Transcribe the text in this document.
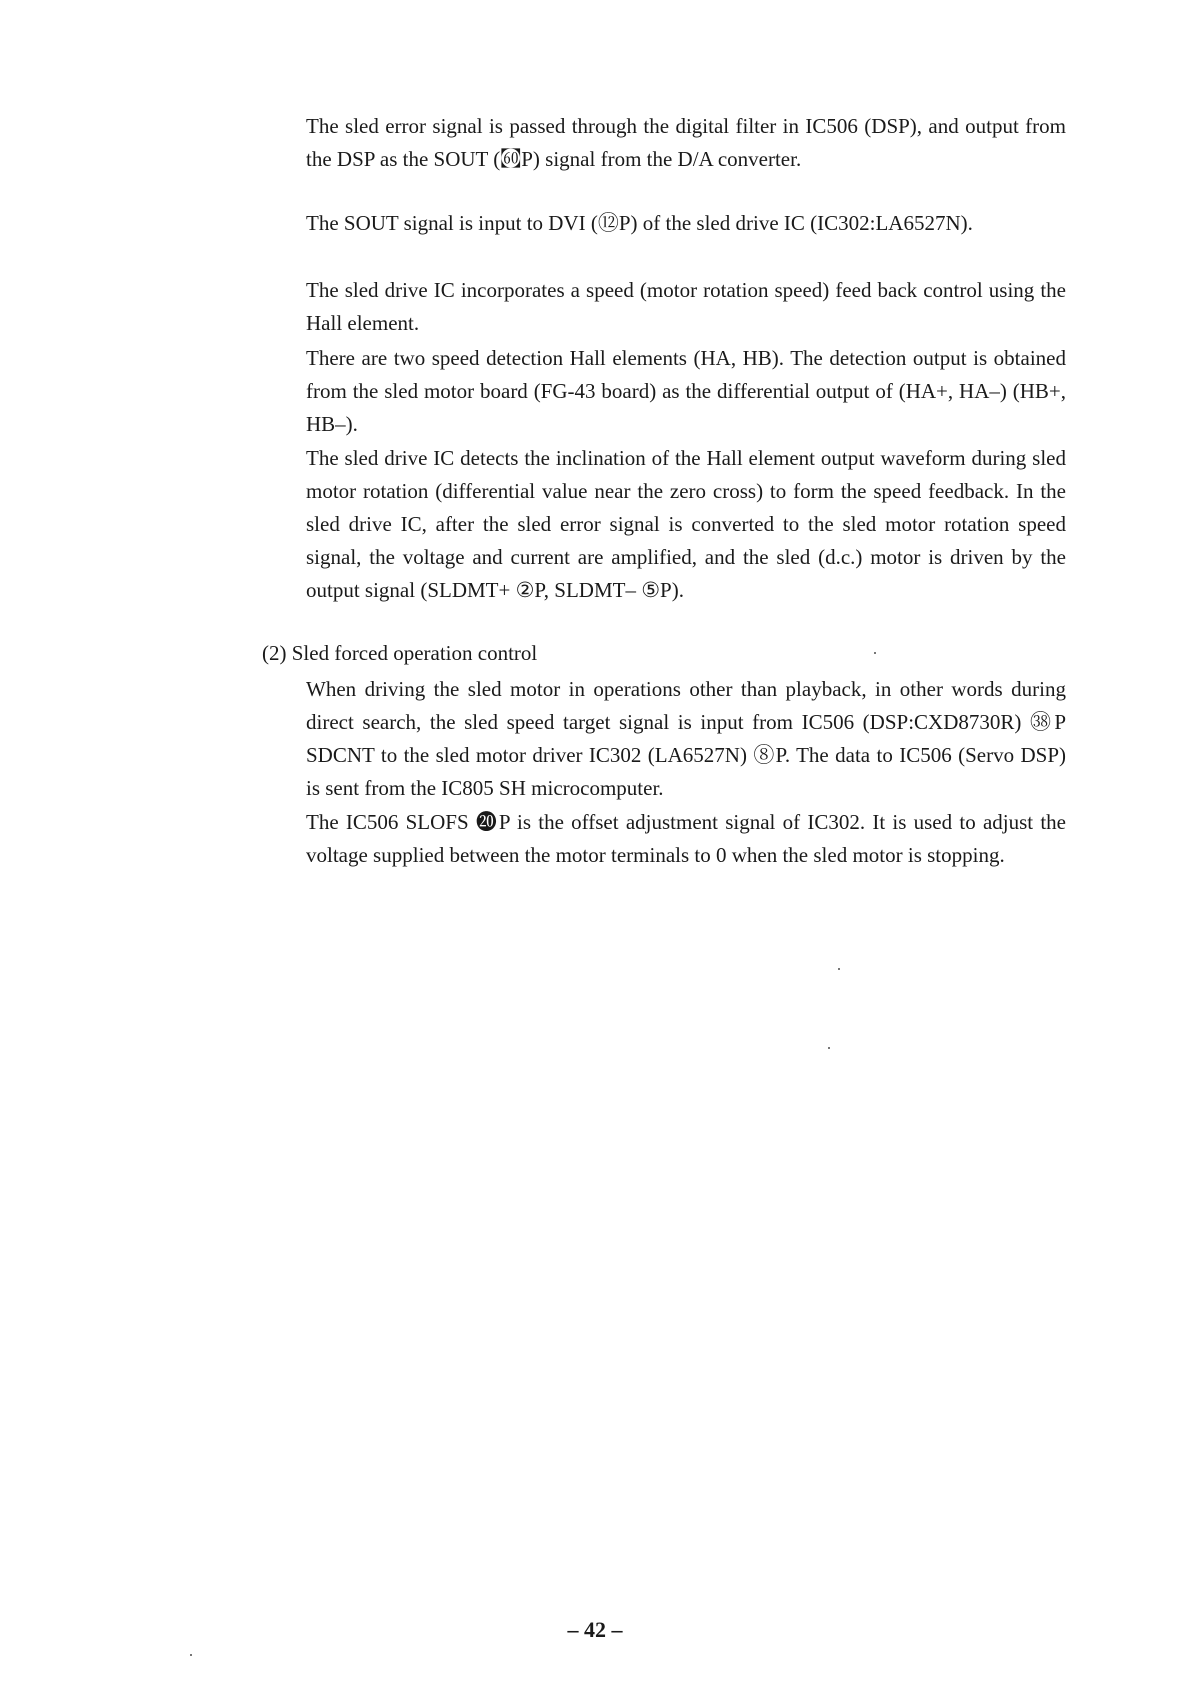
The sled error signal is passed through the digital filter in IC506 (DSP), and output from the DSP as the SOUT (㉍P) signal from the D/A converter.

The SOUT signal is input to DVI (⑫P) of the sled drive IC (IC302:LA6527N).

The sled drive IC incorporates a speed (motor rotation speed) feed back control using the Hall element.

There are two speed detection Hall elements (HA, HB). The detection output is obtained from the sled motor board (FG-43 board) as the differential output of (HA+, HA–) (HB+, HB–).

The sled drive IC detects the inclination of the Hall element output waveform during sled motor rotation (differential value near the zero cross) to form the speed feedback. In the sled drive IC, after the sled error signal is converted to the sled motor rotation speed signal, the voltage and current are amplified, and the sled (d.c.) motor is driven by the output signal (SLDMT+ ②P, SLDMT– ⑤P).

(2) Sled forced operation control

When driving the sled motor in operations other than playback, in other words during direct search, the sled speed target signal is input from IC506 (DSP:CXD8730R) ㊳P SDCNT to the sled motor driver IC302 (LA6527N) ⑧P. The data to IC506 (Servo DSP) is sent from the IC805 SH microcomputer.

The IC506 SLOFS ⓴P is the offset adjustment signal of IC302. It is used to adjust the voltage supplied between the motor terminals to 0 when the sled motor is stopping.

– 42 –
